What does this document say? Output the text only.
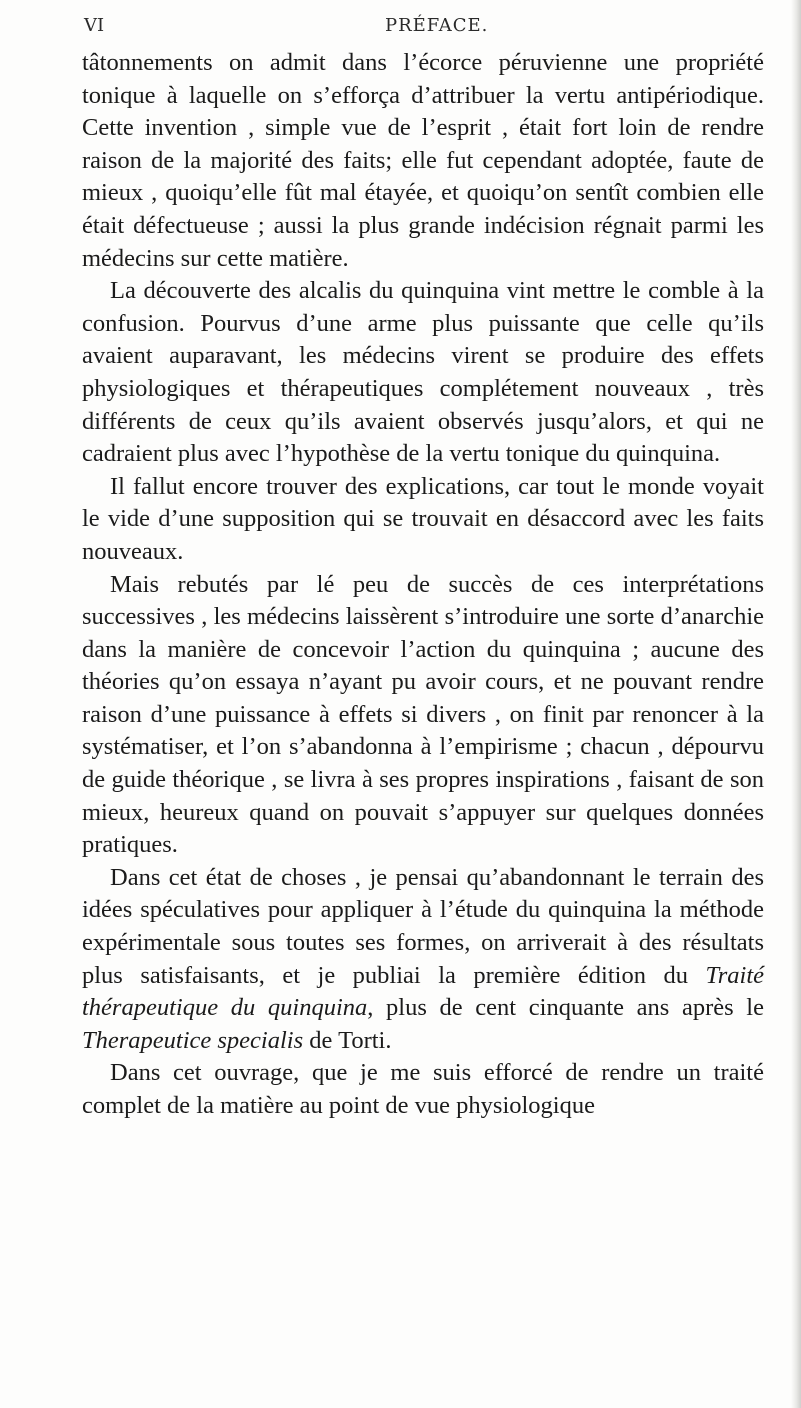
VI	PRÉFACE.

tâtonnements on admit dans l’écorce péruvienne une propriété tonique à laquelle on s’efforça d’attribuer la vertu antipériodique. Cette invention , simple vue de l’esprit , était fort loin de rendre raison de la majorité des faits; elle fut cependant adoptée, faute de mieux , quoiqu’elle fût mal étayée, et quoiqu’on sentît combien elle était défectueuse ; aussi la plus grande indécision régnait parmi les médecins sur cette matière.

La découverte des alcalis du quinquina vint mettre le comble à la confusion. Pourvus d’une arme plus puissante que celle qu’ils avaient auparavant, les médecins virent se produire des effets physiologiques et thérapeutiques complétement nouveaux , très différents de ceux qu’ils avaient observés jusqu’alors, et qui ne cadraient plus avec l’hypothèse de la vertu tonique du quinquina.

Il fallut encore trouver des explications, car tout le monde voyait le vide d’une supposition qui se trouvait en désaccord avec les faits nouveaux.

Mais rebutés par lé peu de succès de ces interprétations successives , les médecins laissèrent s’introduire une sorte d’anarchie dans la manière de concevoir l’action du quinquina ; aucune des théories qu’on essaya n’ayant pu avoir cours, et ne pouvant rendre raison d’une puissance à effets si divers , on finit par renoncer à la systématiser, et l’on s’abandonna à l’empirisme ; chacun , dépourvu de guide théorique , se livra à ses propres inspirations , faisant de son mieux, heureux quand on pouvait s’appuyer sur quelques données pratiques.

Dans cet état de choses , je pensai qu’abandonnant le terrain des idées spéculatives pour appliquer à l’étude du quinquina la méthode expérimentale sous toutes ses formes, on arriverait à des résultats plus satisfaisants, et je publiai la première édition du Traité thérapeutique du quinquina, plus de cent cinquante ans après le Therapeutice specialis de Torti.

Dans cet ouvrage, que je me suis efforcé de rendre un traité complet de la matière au point de vue physiologique
